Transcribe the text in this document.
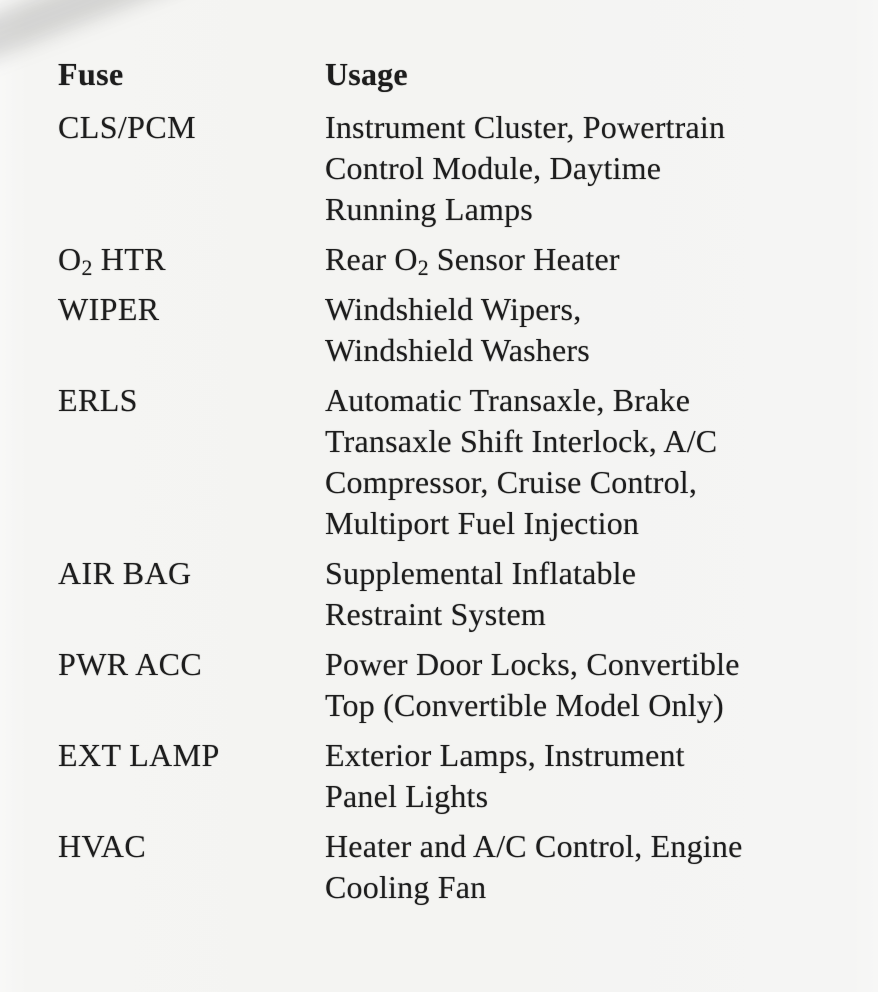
Fuse	Usage
CLS/PCM	Instrument Cluster, Powertrain
Control Module, Daytime
Running Lamps
$O_2$ HTR	Rear $O_2$ Sensor Heater
WIPER	Windshield Wipers,
Windshield Washers
ERLS	Automatic Transaxle, Brake
Transaxle Shift Interlock, A/C
Compressor, Cruise Control,
Multiport Fuel Injection
AIR BAG	Supplemental Inflatable
Restraint System
PWR ACC	Power Door Locks, Convertible
Top (Convertible Model Only)
EXT LAMP	Exterior Lamps, Instrument
Panel Lights
HVAC	Heater and A/C Control, Engine
Cooling Fan
